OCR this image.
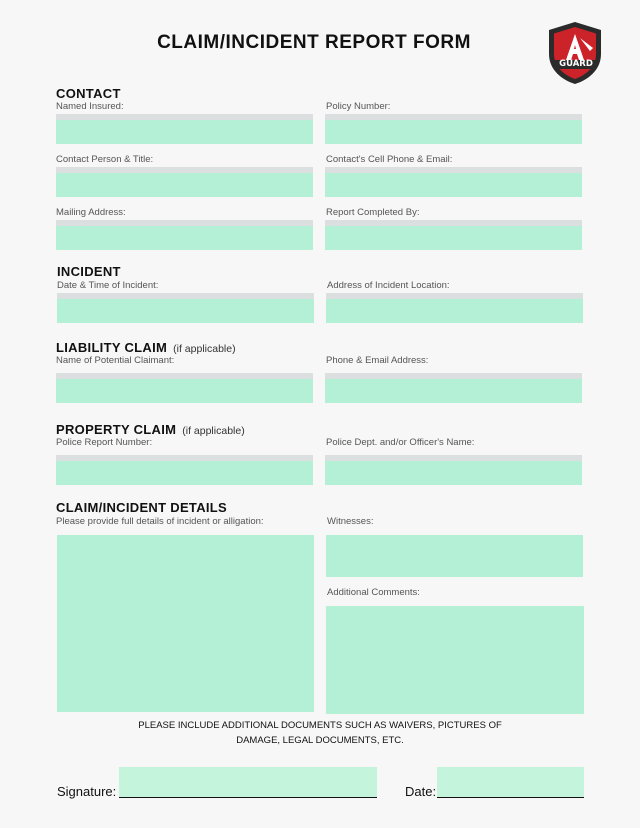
CLAIM/INCIDENT REPORT FORM
GUARD
CONTACT
Named Insured:	Policy Number:
Contact Person & Title:	Contact's Cell Phone & Email:
Mailing Address:	Report Completed By:
INCIDENT
Date & Time of Incident:	Address of Incident Location:
LIABILITY CLAIM (if applicable)
Name of Potential Claimant:	Phone & Email Address:
PROPERTY CLAIM (if applicable)
Police Report Number:	Police Dept. and/or Officer's Name:
CLAIM/INCIDENT DETAILS
Please provide full details of incident or alligation:	Witnesses:
Additional Comments:
PLEASE INCLUDE ADDITIONAL DOCUMENTS SUCH AS WAIVERS, PICTURES OF DAMAGE, LEGAL DOCUMENTS, ETC.
Signature:	Date:
